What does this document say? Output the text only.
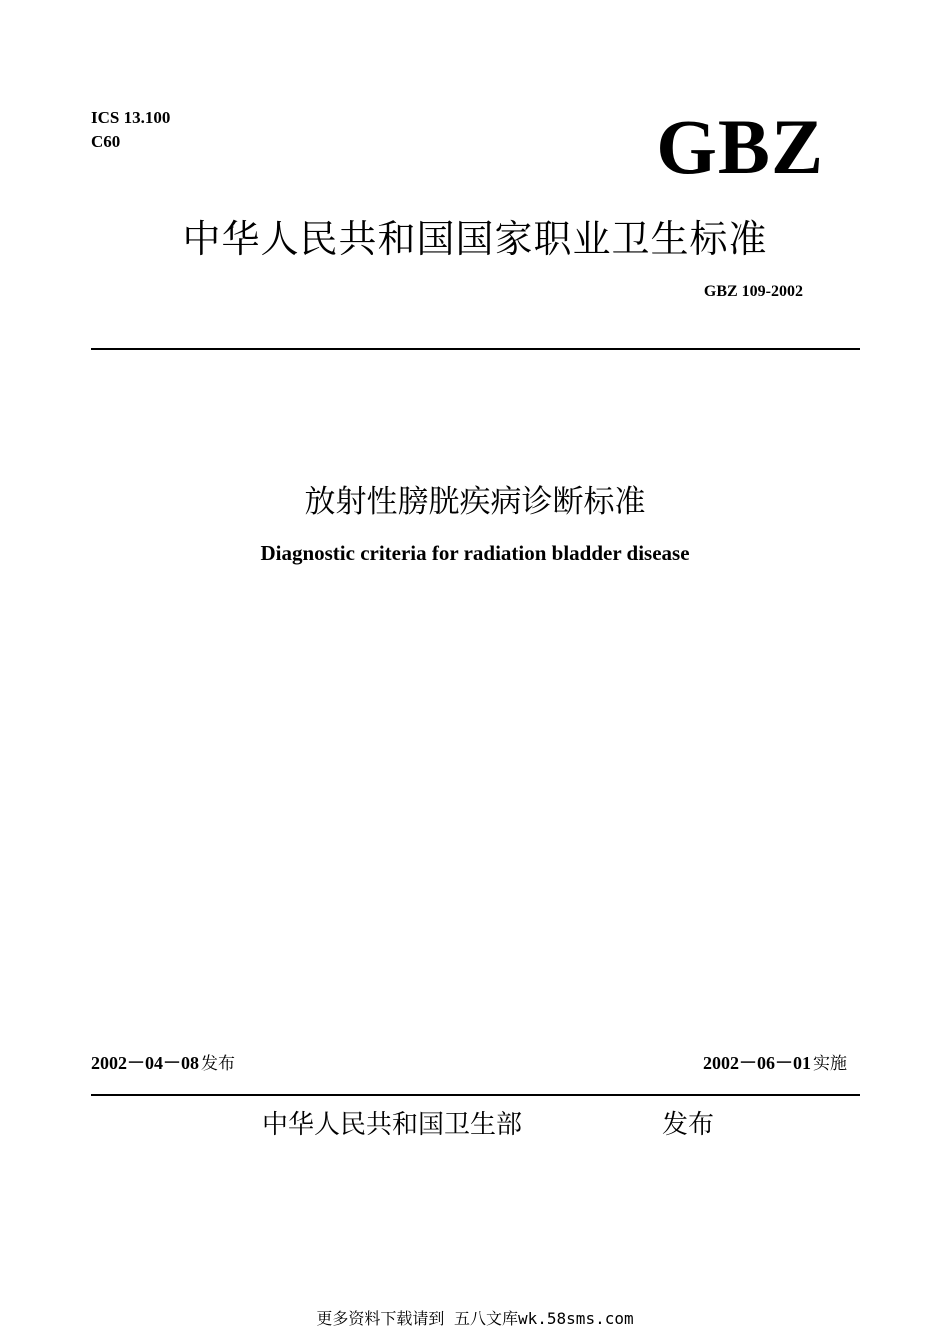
ICS 13.100
C60	GBZ
中华人民共和国国家职业卫生标准
GBZ 109-2002
放射性膀胱疾病诊断标准
Diagnostic criteria for radiation bladder disease
2002－04－08 发布	2002－06－01 实施
中华人民共和国卫生部	发布
更多资料下载请到 五八文库wk.58sms.com
